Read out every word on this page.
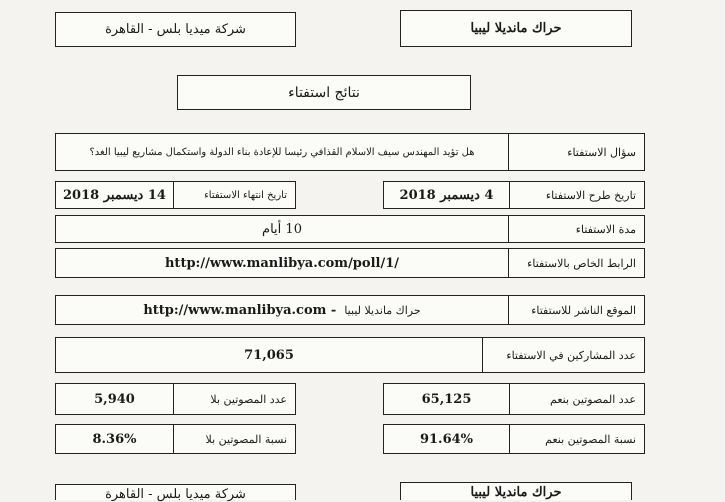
شركة ميديا بلس - القاهرة	حراك مانديلا ليبيا
نتائج استفتاء
هل تؤيد المهندس سيف الاسلام القذافي رئيسا للإعادة بناء الدولة واستكمال مشاريع ليبيا الغد؟	سؤال الاستفتاء
4 ديسمبر 2018	تاريخ طرح الاستفتاء
14 ديسمبر 2018	تاريخ انتهاء الاستفتاء
10 أيام	مدة الاستفتاء
http://www.manlibya.com/poll/1/	الرابط الخاص بالاستفتاء
http://www.manlibya.com - حراك مانديلا ليبيا	الموقع الناشر للاستفتاء
71,065	عدد المشاركين في الاستفتاء
65,125	عدد المصوتين بنعم
5,940	عدد المصوتين بلا
91.64%	نسبة المصوتين بنعم
8.36%	نسبة المصوتين بلا
شركة ميديا بلس - القاهرة	حراك مانديلا ليبيا
